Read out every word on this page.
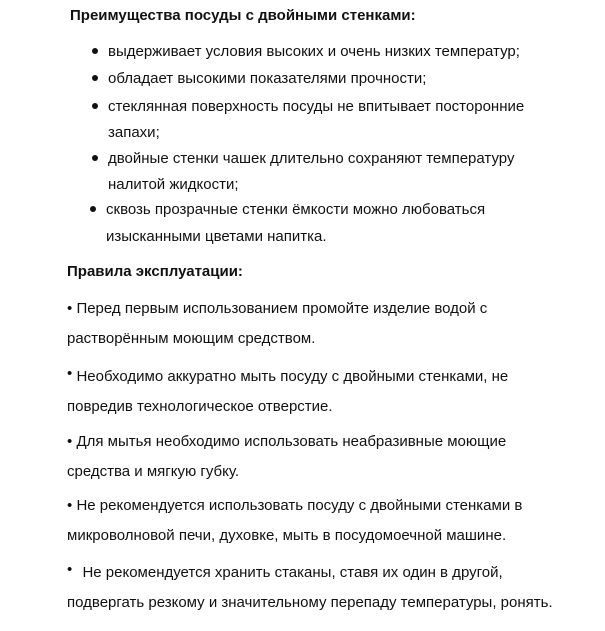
Преимущества посуды с двойными стенками:
выдерживает условия высоких и очень низких температур;
обладает высокими показателями прочности;
стеклянная поверхность посуды не впитывает посторонние
запахи;
двойные стенки чашек длительно сохраняют температуру
налитой жидкости;
сквозь прозрачные стенки ёмкости можно любоваться
изысканными цветами напитка.
Правила эксплуатации:

• Перед первым использованием промойте изделие водой с
растворённым моющим средством.

• Необходимо аккуратно мыть посуду с двойными стенками, не
повредив технологическое отверстие.

• Для мытья необходимо использовать неабразивные моющие
средства и мягкую губку.

• Не рекомендуется использовать посуду с двойными стенками в
микроволновой печи, духовке, мыть в посудомоечной машине.

• Не рекомендуется хранить стаканы, ставя их один в другой,
подвергать резкому и значительному перепаду температуры, ронять.
